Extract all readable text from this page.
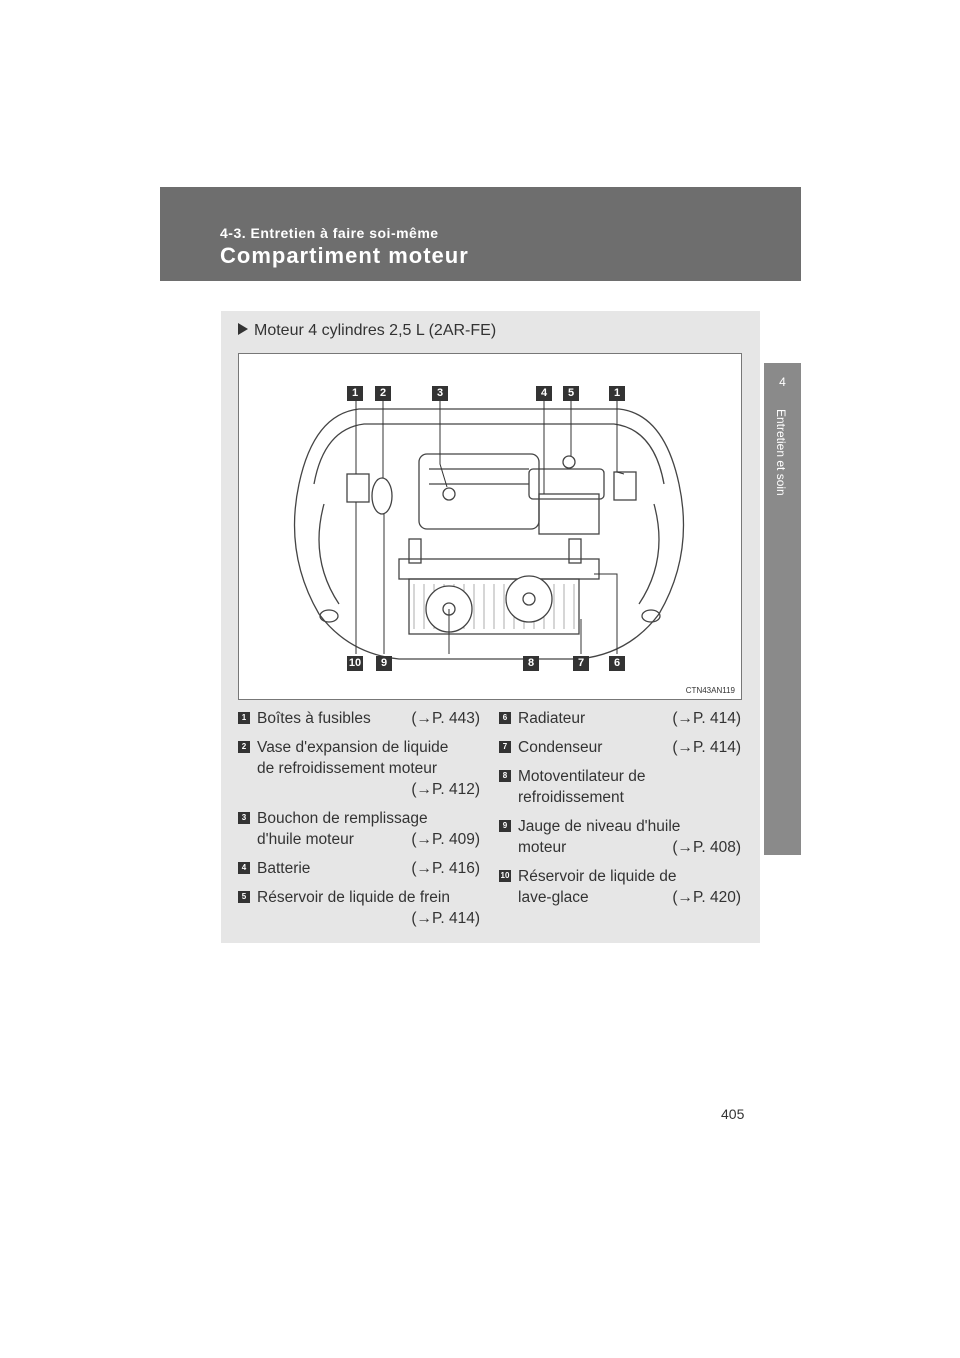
4-3. Entretien à faire soi-même
Compartiment moteur
4
Entretien et soin
Moteur 4 cylindres 2,5 L (2AR-FE)
1	2	3	4	5	1
10	9	8	7	6
CTN43AN119
1 Boîtes à fusibles	(→P. 443)
2 Vase d'expansion de liquide
de refroidissement moteur
(→P. 412)
3 Bouchon de remplissage
d'huile moteur	(→P. 409)
4 Batterie	(→P. 416)
5 Réservoir de liquide de frein
(→P. 414)
6 Radiateur	(→P. 414)
7 Condenseur	(→P. 414)
8 Motoventilateur de
refroidissement
9 Jauge de niveau d'huile
moteur	(→P. 408)
10 Réservoir de liquide de
lave-glace	(→P. 420)
405
